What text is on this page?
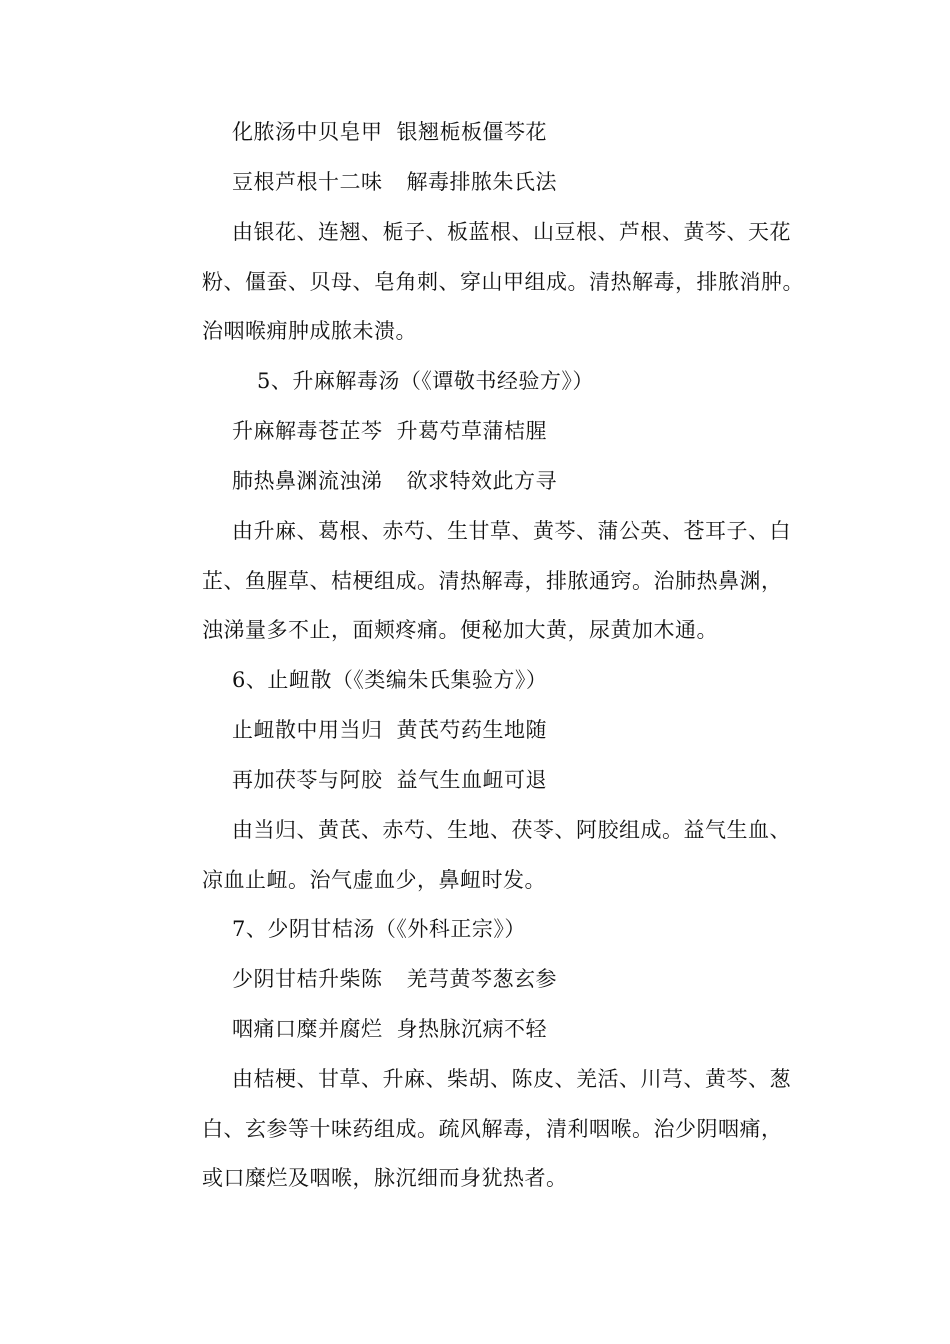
化脓汤中贝皂甲 银翘栀板僵芩花
豆根芦根十二味 解毒排脓朱氏法
由银花、连翘、栀子、板蓝根、山豆根、芦根、黄芩、天花
粉、僵蚕、贝母、皂角刺、穿山甲组成。清热解毒，排脓消肿。
治咽喉痈肿成脓未溃。
5、升麻解毒汤（《谭敬书经验方》）
升麻解毒苍芷芩 升葛芍草蒲桔腥
肺热鼻渊流浊涕 欲求特效此方寻
由升麻、葛根、赤芍、生甘草、黄芩、蒲公英、苍耳子、白
芷、鱼腥草、桔梗组成。清热解毒，排脓通窍。治肺热鼻渊，
浊涕量多不止，面颊疼痛。便秘加大黄，尿黄加木通。
6、止衄散（《类编朱氏集验方》）
止衄散中用当归 黄芪芍药生地随
再加茯苓与阿胶 益气生血衄可退
由当归、黄芪、赤芍、生地、茯苓、阿胶组成。益气生血、
凉血止衄。治气虚血少，鼻衄时发。
7、少阴甘桔汤（《外科正宗》）
少阴甘桔升柴陈 羌芎黄芩葱玄参
咽痛口糜并腐烂 身热脉沉病不轻
由桔梗、甘草、升麻、柴胡、陈皮、羌活、川芎、黄芩、葱
白、玄参等十味药组成。疏风解毒，清利咽喉。治少阴咽痛，
或口糜烂及咽喉，脉沉细而身犹热者。
